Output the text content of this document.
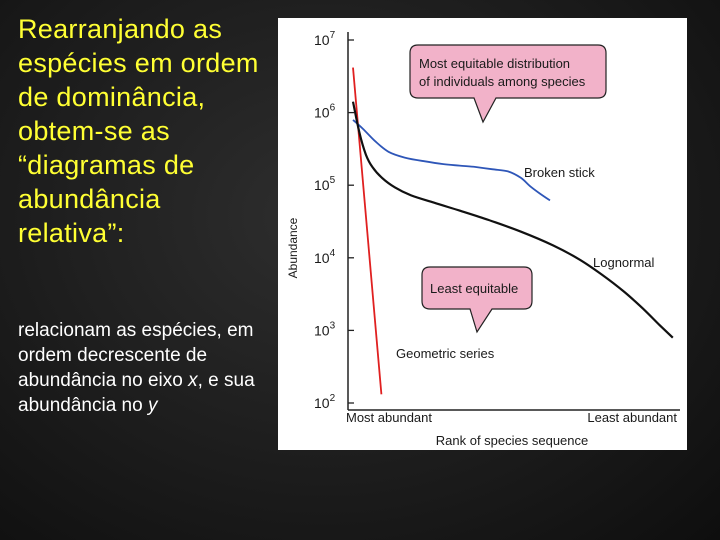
Rearranjando as espécies em ordem de dominância, obtem-se as “diagramas de abundância relativa”:

relacionam as espécies, em ordem decrescente de abundância no eixo x, e sua abundância no y

Abundance
Most abundant	Least abundant
Rank of species sequence
$10^2$
$10^3$
$10^4$
$10^5$
$10^6$
$10^7$
Most equitable distribution
of individuals among species
Least equitable
Broken stick
Lognormal
Geometric series
